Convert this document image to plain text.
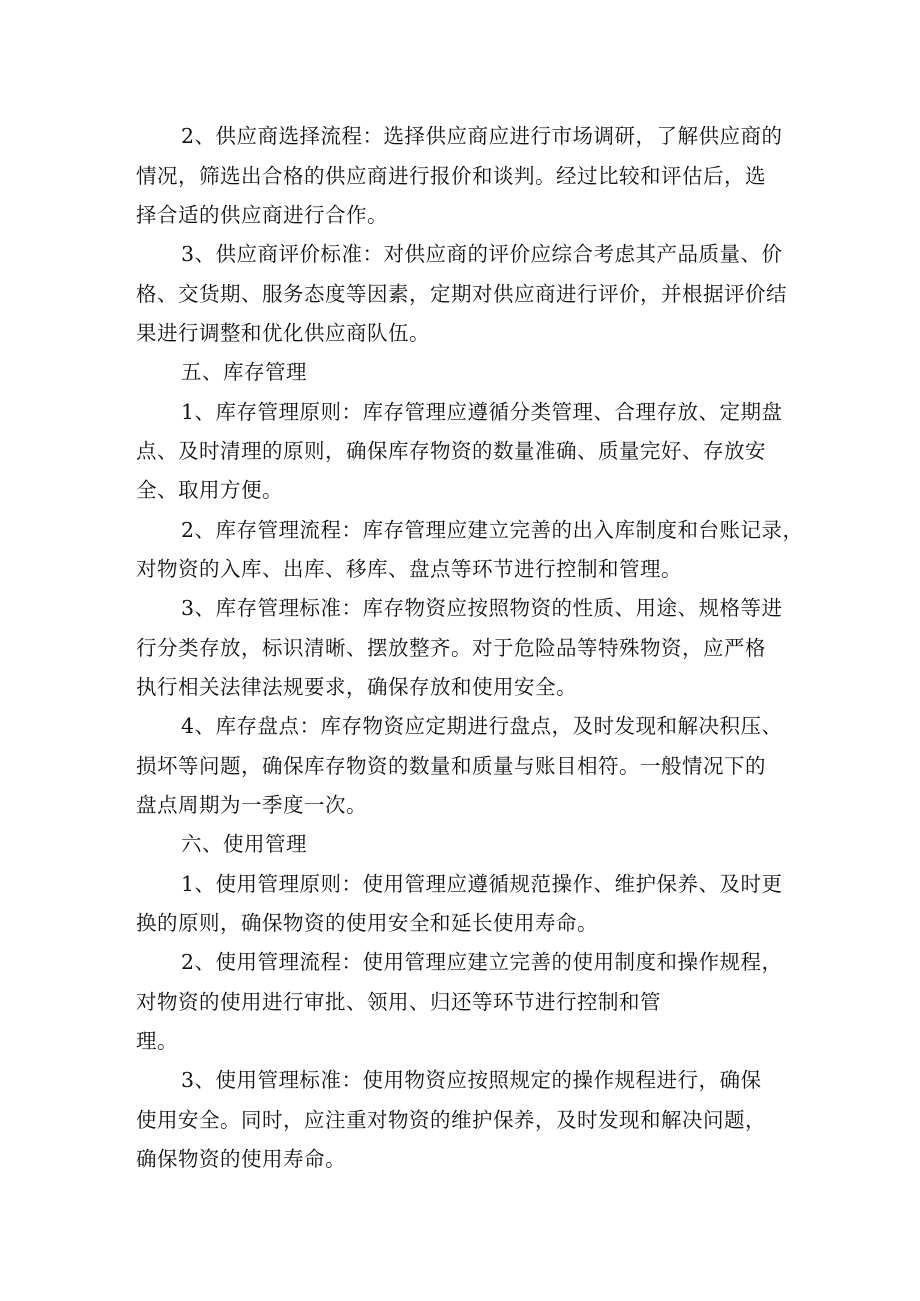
2、供应商选择流程：选择供应商应进行市场调研，了解供应商的
情况，筛选出合格的供应商进行报价和谈判。经过比较和评估后，选
择合适的供应商进行合作。
3、供应商评价标准：对供应商的评价应综合考虑其产品质量、价
格、交货期、服务态度等因素，定期对供应商进行评价，并根据评价结
果进行调整和优化供应商队伍。
五、库存管理
1、库存管理原则：库存管理应遵循分类管理、合理存放、定期盘
点、及时清理的原则，确保库存物资的数量准确、质量完好、存放安
全、取用方便。
2、库存管理流程：库存管理应建立完善的出入库制度和台账记录，
对物资的入库、出库、移库、盘点等环节进行控制和管理。
3、库存管理标准：库存物资应按照物资的性质、用途、规格等进
行分类存放，标识清晰、摆放整齐。对于危险品等特殊物资，应严格
执行相关法律法规要求，确保存放和使用安全。
4、库存盘点：库存物资应定期进行盘点，及时发现和解决积压、
损坏等问题，确保库存物资的数量和质量与账目相符。一般情况下的
盘点周期为一季度一次。
六、使用管理
1、使用管理原则：使用管理应遵循规范操作、维护保养、及时更
换的原则，确保物资的使用安全和延长使用寿命。
2、使用管理流程：使用管理应建立完善的使用制度和操作规程，
对物资的使用进行审批、领用、归还等环节进行控制和管
理。
3、使用管理标准：使用物资应按照规定的操作规程进行，确保
使用安全。同时，应注重对物资的维护保养，及时发现和解决问题，
确保物资的使用寿命。
